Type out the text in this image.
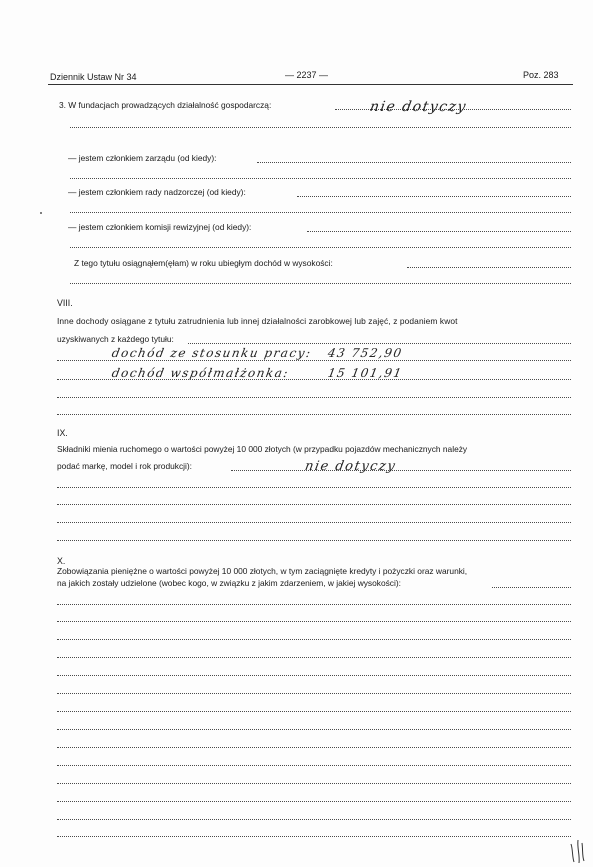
Dziennik Ustaw Nr 34	— 2237 —	Poz. 283
3. W fundacjach prowadzących działalność gospodarczą:	nie dotyczy
— jestem członkiem zarządu (od kiedy):
— jestem członkiem rady nadzorczej (od kiedy):
— jestem członkiem komisji rewizyjnej (od kiedy):
Z tego tytułu osiągnąłem(ęłam) w roku ubiegłym dochód w wysokości:
VIII.
Inne dochody osiągane z tytułu zatrudnienia lub innej działalności zarobkowej lub zajęć, z podaniem kwot
uzyskiwanych z każdego tytułu:
dochód ze stosunku pracy: 43 752,90
dochód współmałżonka:	15 101,91
IX.
Składniki mienia ruchomego o wartości powyżej 10 000 złotych (w przypadku pojazdów mechanicznych należy
podać markę, model i rok produkcji):	nie dotyczy
X.
Zobowiązania pieniężne o wartości powyżej 10 000 złotych, w tym zaciągnięte kredyty i pożyczki oraz warunki,
na jakich zostały udzielone (wobec kogo, w związku z jakim zdarzeniem, w jakiej wysokości):
